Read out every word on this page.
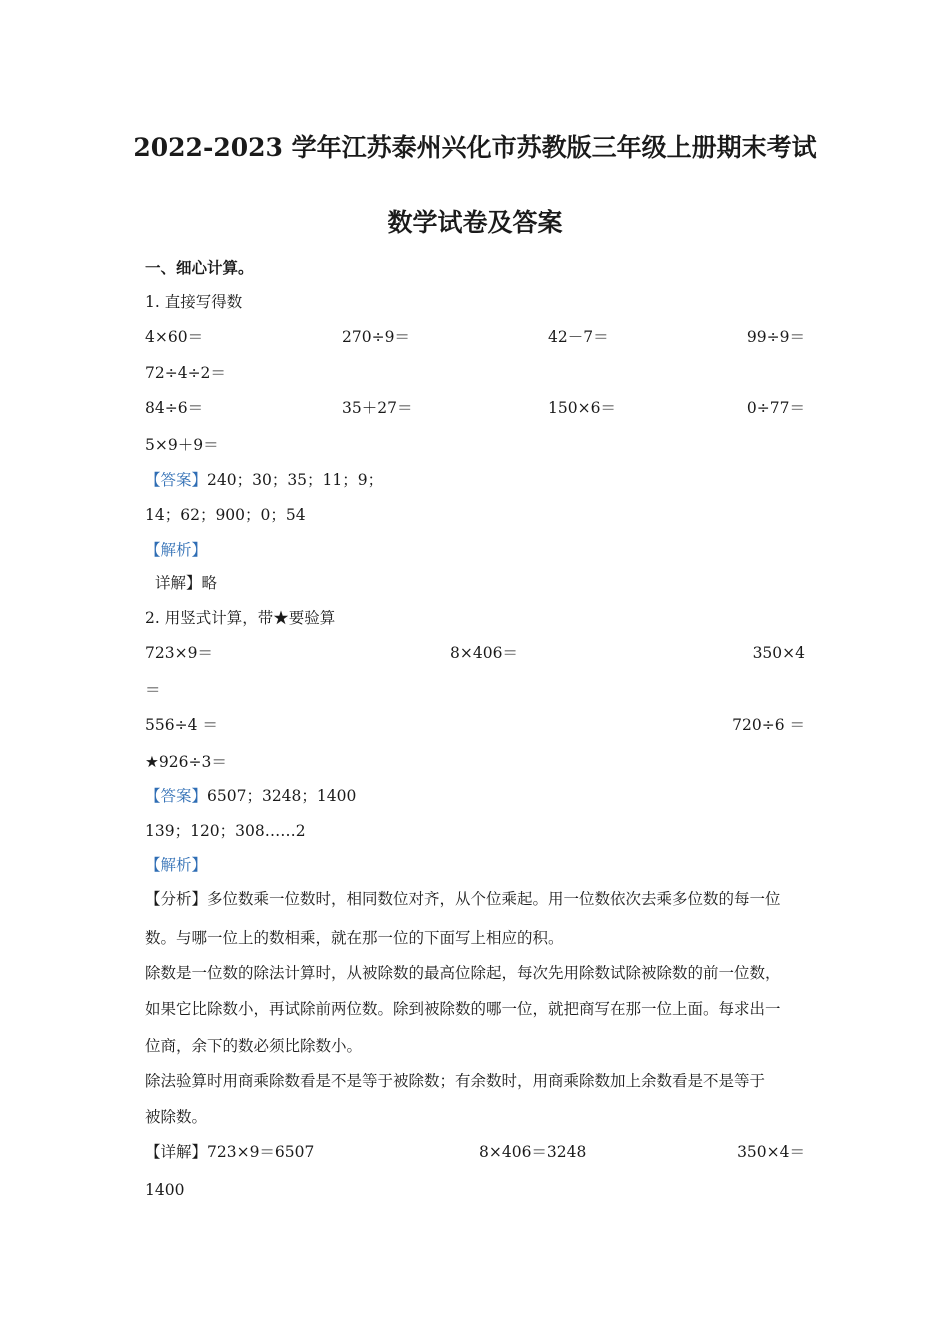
2022-2023 学年江苏泰州兴化市苏教版三年级上册期末考试
数学试卷及答案
一、细心计算。
1. 直接写得数
4×60＝	270÷9＝	42－7＝	99÷9＝
72÷4÷2＝
84÷6＝	35＋27＝	150×6＝	0÷77＝
5×9＋9＝
【答案】240；30；35；11；9；
14；62；900；0；54
【解析】
详解】略
2. 用竖式计算，带★要验算
723×9＝	8×406＝	350×4
＝
556÷4 ＝	720÷6 ＝
★926÷3＝
【答案】6507；3248；1400
139；120；308……2
【解析】
【分析】多位数乘一位数时，相同数位对齐，从个位乘起。用一位数依次去乘多位数的每一位
数。与哪一位上的数相乘，就在那一位的下面写上相应的积。
除数是一位数的除法计算时，从被除数的最高位除起，每次先用除数试除被除数的前一位数，
如果它比除数小，再试除前两位数。除到被除数的哪一位，就把商写在那一位上面。每求出一
位商，余下的数必须比除数小。
除法验算时用商乘除数看是不是等于被除数；有余数时，用商乘除数加上余数看是不是等于
被除数。
【详解】723×9＝6507	8×406＝3248	350×4＝
1400
